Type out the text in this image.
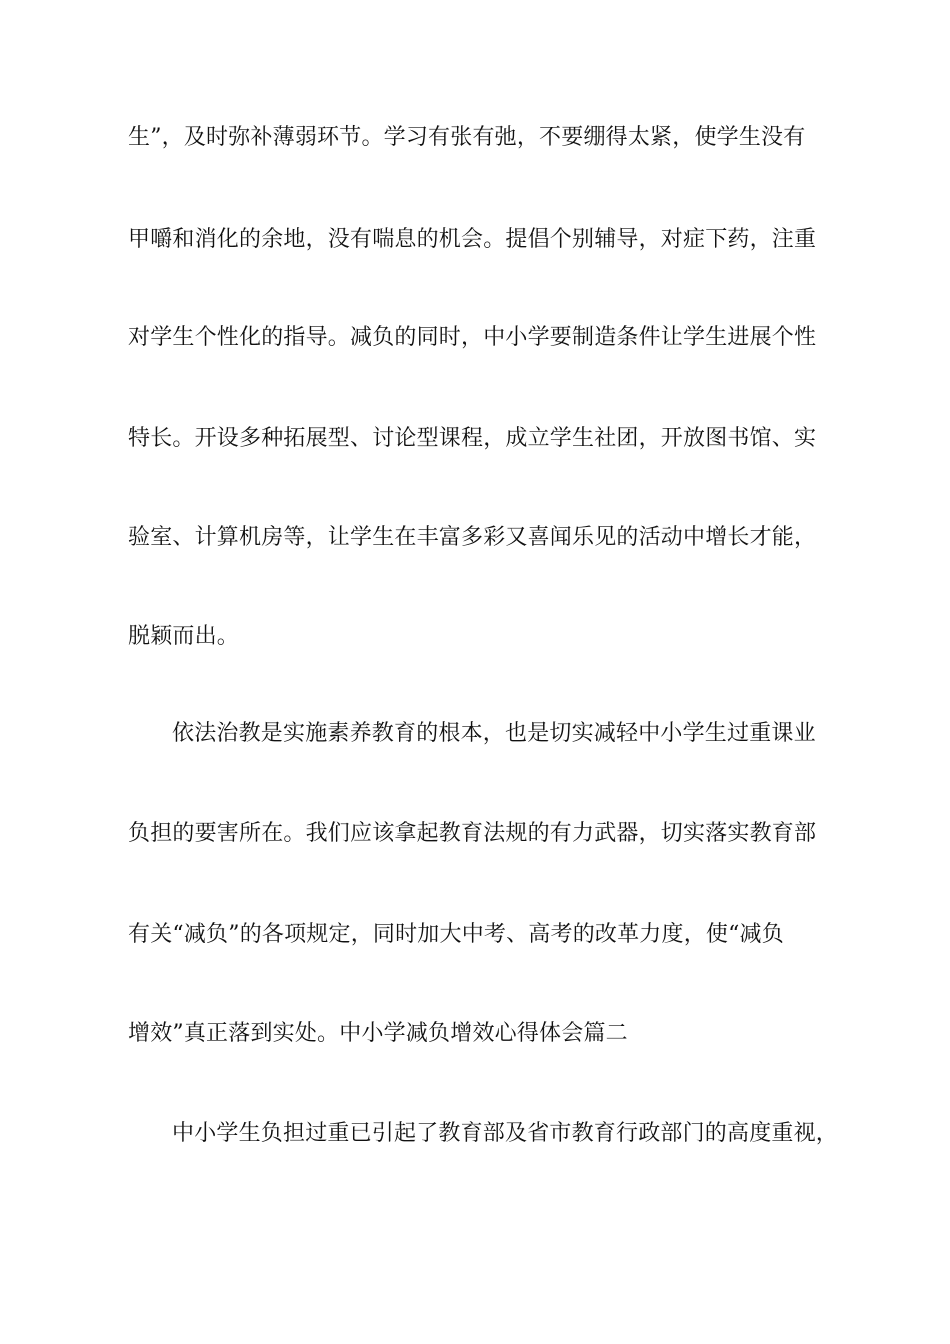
生”，及时弥补薄弱环节。学习有张有弛，不要绷得太紧，使学生没有
甲嚼和消化的余地，没有喘息的机会。提倡个别辅导，对症下药，注重
对学生个性化的指导。减负的同时，中小学要制造条件让学生进展个性
特长。开设多种拓展型、讨论型课程，成立学生社团，开放图书馆、实
验室、计算机房等，让学生在丰富多彩又喜闻乐见的活动中增长才能，
脱颖而出。
依法治教是实施素养教育的根本，也是切实减轻中小学生过重课业
负担的要害所在。我们应该拿起教育法规的有力武器，切实落实教育部
有关“减负”的各项规定，同时加大中考、高考的改革力度，使“减负
增效”真正落到实处。中小学减负增效心得体会篇二
中小学生负担过重已引起了教育部及省市教育行政部门的高度重视，
